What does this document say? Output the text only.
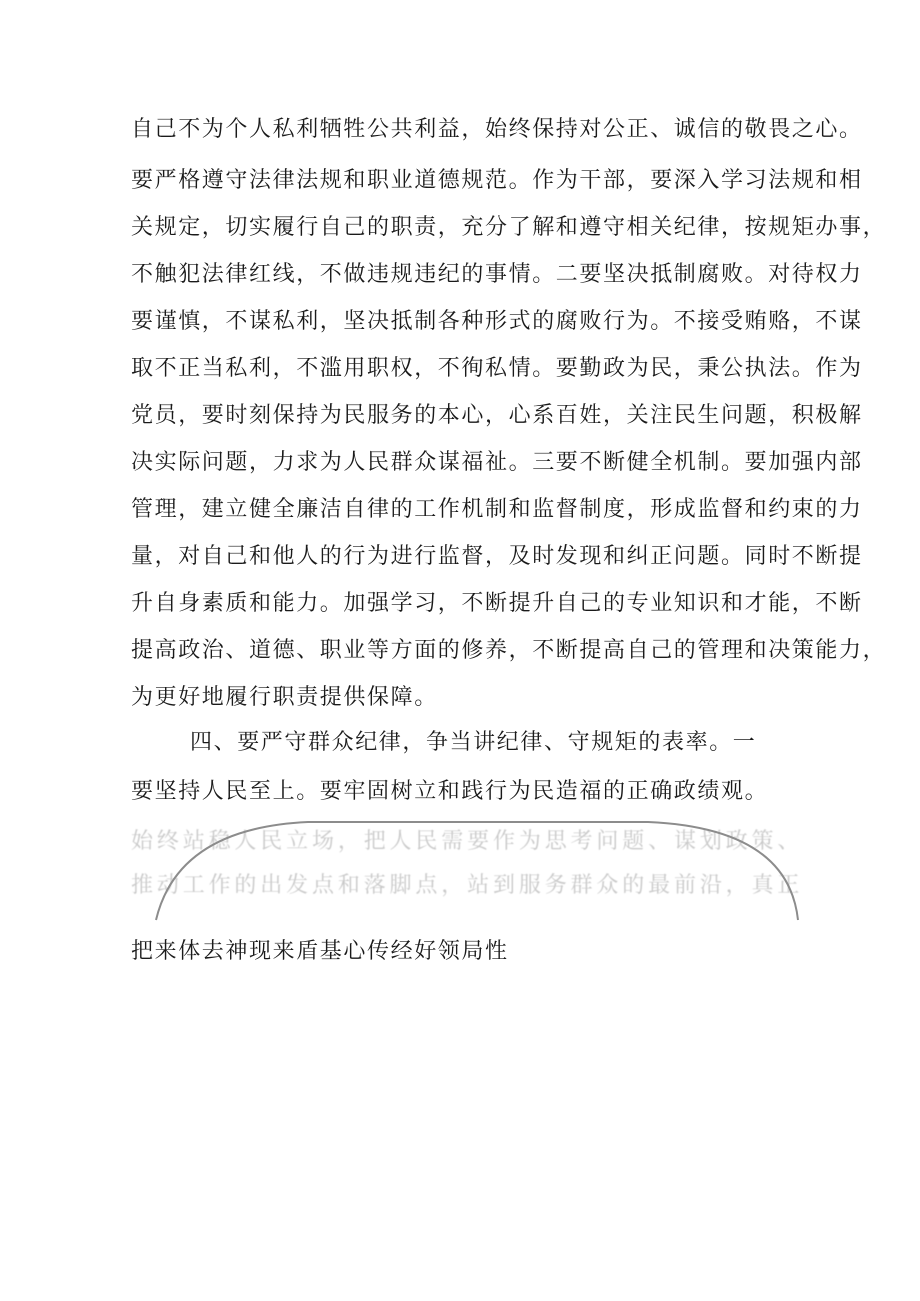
自己不为个人私利牺牲公共利益，始终保持对公正、诚信的敬畏之心。
要严格遵守法律法规和职业道德规范。作为干部，要深入学习法规和相
关规定，切实履行自己的职责，充分了解和遵守相关纪律，按规矩办事，
不触犯法律红线，不做违规违纪的事情。二要坚决抵制腐败。对待权力
要谨慎，不谋私利，坚决抵制各种形式的腐败行为。不接受贿赂，不谋
取不正当私利，不滥用职权，不徇私情。要勤政为民，秉公执法。作为
党员，要时刻保持为民服务的本心，心系百姓，关注民生问题，积极解
决实际问题，力求为人民群众谋福祉。三要不断健全机制。要加强内部
管理，建立健全廉洁自律的工作机制和监督制度，形成监督和约束的力
量，对自己和他人的行为进行监督，及时发现和纠正问题。同时不断提
升自身素质和能力。加强学习，不断提升自己的专业知识和才能，不断
提高政治、道德、职业等方面的修养，不断提高自己的管理和决策能力，
为更好地履行职责提供保障。
四、要严守群众纪律，争当讲纪律、守规矩的表率。一
要坚持人民至上。要牢固树立和践行为民造福的正确政绩观。
始终站稳人民立场，把人民需要作为思考问题、谋划政策、
推动工作的出发点和落脚点，站到服务群众的最前沿，真正
把来体去神现来盾基心传经好领局性
